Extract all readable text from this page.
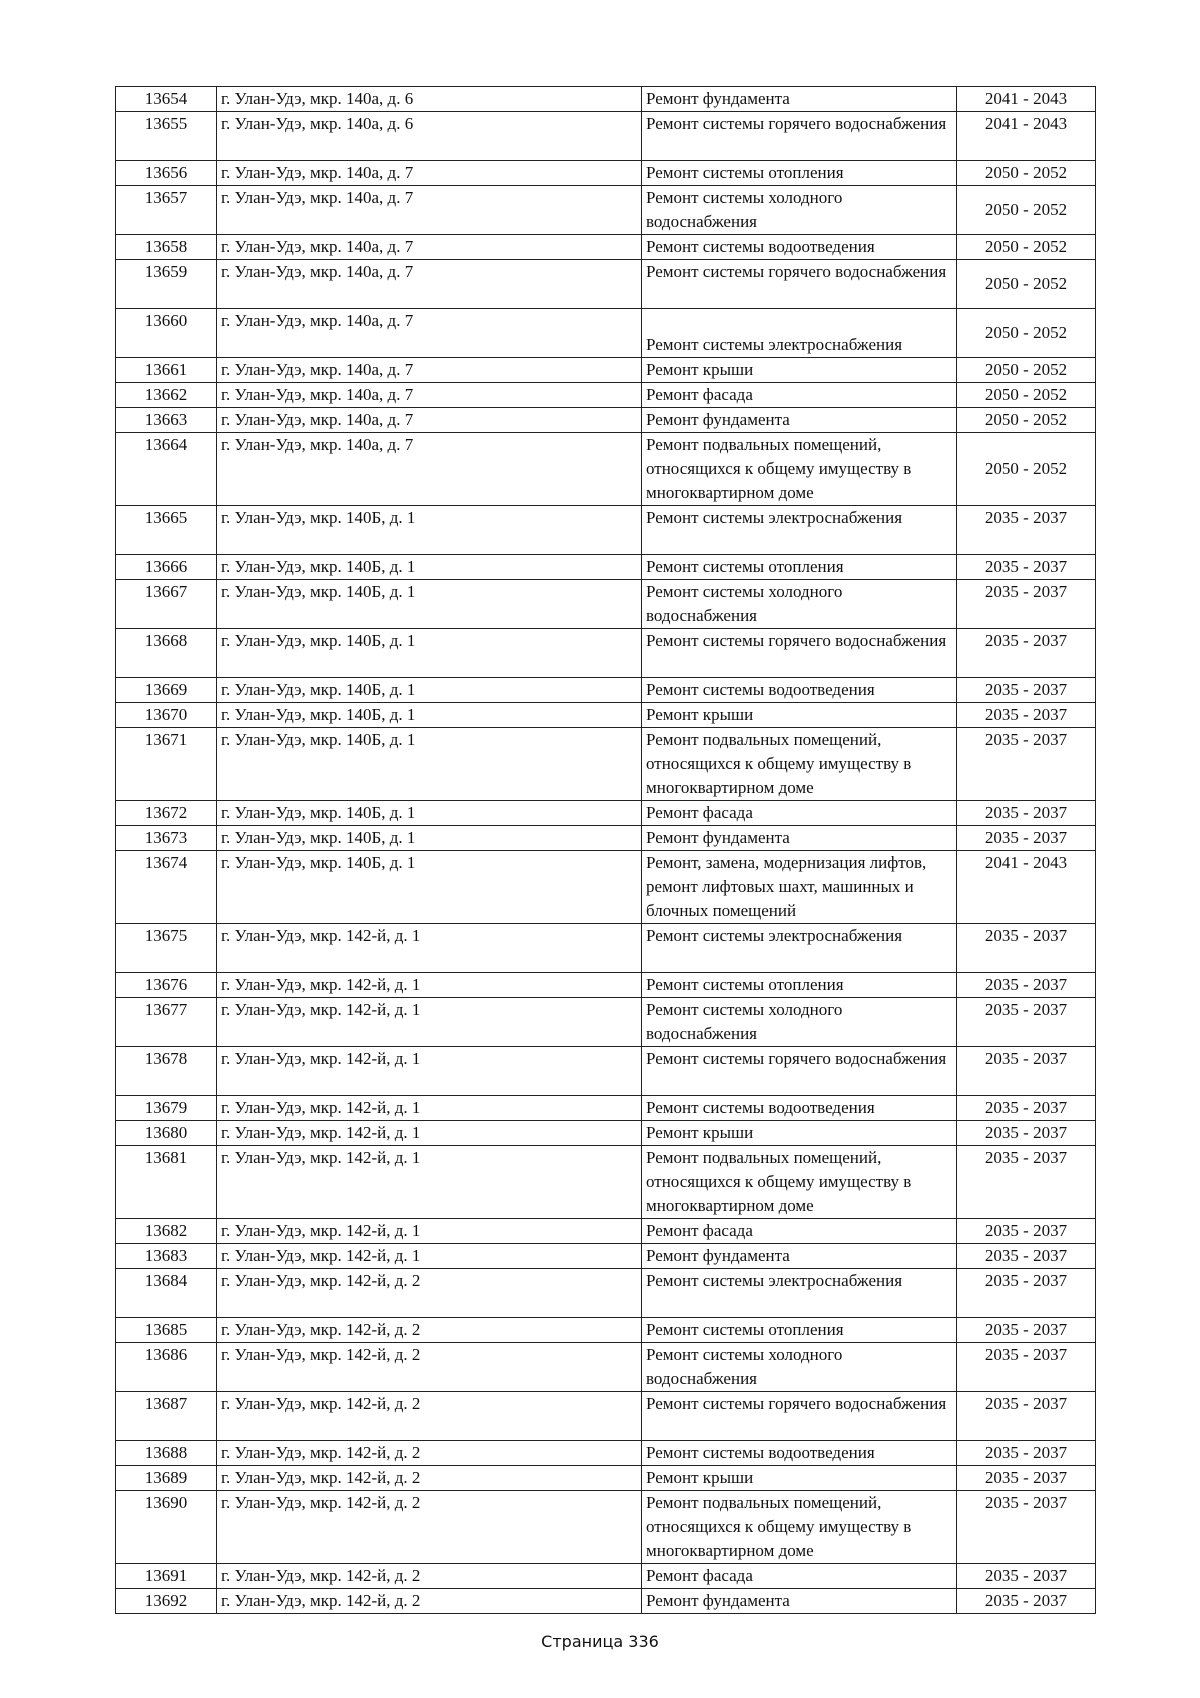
13654	г. Улан-Удэ, мкр. 140а, д. 6	Ремонт фундамента	2041 - 2043
13655	г. Улан-Удэ, мкр. 140а, д. 6	Ремонт системы горячего водоснабжения	2041 - 2043
13656	г. Улан-Удэ, мкр. 140а, д. 7	Ремонт системы отопления	2050 - 2052
13657	г. Улан-Удэ, мкр. 140а, д. 7	Ремонт системы холодного водоснабжения	2050 - 2052
13658	г. Улан-Удэ, мкр. 140а, д. 7	Ремонт системы водоотведения	2050 - 2052
13659	г. Улан-Удэ, мкр. 140а, д. 7	Ремонт системы горячего водоснабжения	2050 - 2052
13660	г. Улан-Удэ, мкр. 140а, д. 7	Ремонт системы электроснабжения	2050 - 2052
13661	г. Улан-Удэ, мкр. 140а, д. 7	Ремонт крыши	2050 - 2052
13662	г. Улан-Удэ, мкр. 140а, д. 7	Ремонт фасада	2050 - 2052
13663	г. Улан-Удэ, мкр. 140а, д. 7	Ремонт фундамента	2050 - 2052
13664	г. Улан-Удэ, мкр. 140а, д. 7	Ремонт подвальных помещений, относящихся к общему имуществу в многоквартирном доме	2050 - 2052
13665	г. Улан-Удэ, мкр. 140Б, д. 1	Ремонт системы электроснабжения	2035 - 2037
13666	г. Улан-Удэ, мкр. 140Б, д. 1	Ремонт системы отопления	2035 - 2037
13667	г. Улан-Удэ, мкр. 140Б, д. 1	Ремонт системы холодного водоснабжения	2035 - 2037
13668	г. Улан-Удэ, мкр. 140Б, д. 1	Ремонт системы горячего водоснабжения	2035 - 2037
13669	г. Улан-Удэ, мкр. 140Б, д. 1	Ремонт системы водоотведения	2035 - 2037
13670	г. Улан-Удэ, мкр. 140Б, д. 1	Ремонт крыши	2035 - 2037
13671	г. Улан-Удэ, мкр. 140Б, д. 1	Ремонт подвальных помещений, относящихся к общему имуществу в многоквартирном доме	2035 - 2037
13672	г. Улан-Удэ, мкр. 140Б, д. 1	Ремонт фасада	2035 - 2037
13673	г. Улан-Удэ, мкр. 140Б, д. 1	Ремонт фундамента	2035 - 2037
13674	г. Улан-Удэ, мкр. 140Б, д. 1	Ремонт, замена, модернизация лифтов, ремонт лифтовых шахт, машинных и блочных помещений	2041 - 2043
13675	г. Улан-Удэ, мкр. 142-й, д. 1	Ремонт системы электроснабжения	2035 - 2037
13676	г. Улан-Удэ, мкр. 142-й, д. 1	Ремонт системы отопления	2035 - 2037
13677	г. Улан-Удэ, мкр. 142-й, д. 1	Ремонт системы холодного водоснабжения	2035 - 2037
13678	г. Улан-Удэ, мкр. 142-й, д. 1	Ремонт системы горячего водоснабжения	2035 - 2037
13679	г. Улан-Удэ, мкр. 142-й, д. 1	Ремонт системы водоотведения	2035 - 2037
13680	г. Улан-Удэ, мкр. 142-й, д. 1	Ремонт крыши	2035 - 2037
13681	г. Улан-Удэ, мкр. 142-й, д. 1	Ремонт подвальных помещений, относящихся к общему имуществу в многоквартирном доме	2035 - 2037
13682	г. Улан-Удэ, мкр. 142-й, д. 1	Ремонт фасада	2035 - 2037
13683	г. Улан-Удэ, мкр. 142-й, д. 1	Ремонт фундамента	2035 - 2037
13684	г. Улан-Удэ, мкр. 142-й, д. 2	Ремонт системы электроснабжения	2035 - 2037
13685	г. Улан-Удэ, мкр. 142-й, д. 2	Ремонт системы отопления	2035 - 2037
13686	г. Улан-Удэ, мкр. 142-й, д. 2	Ремонт системы холодного водоснабжения	2035 - 2037
13687	г. Улан-Удэ, мкр. 142-й, д. 2	Ремонт системы горячего водоснабжения	2035 - 2037
13688	г. Улан-Удэ, мкр. 142-й, д. 2	Ремонт системы водоотведения	2035 - 2037
13689	г. Улан-Удэ, мкр. 142-й, д. 2	Ремонт крыши	2035 - 2037
13690	г. Улан-Удэ, мкр. 142-й, д. 2	Ремонт подвальных помещений, относящихся к общему имуществу в многоквартирном доме	2035 - 2037
13691	г. Улан-Удэ, мкр. 142-й, д. 2	Ремонт фасада	2035 - 2037
13692	г. Улан-Удэ, мкр. 142-й, д. 2	Ремонт фундамента	2035 - 2037
Страница 336
